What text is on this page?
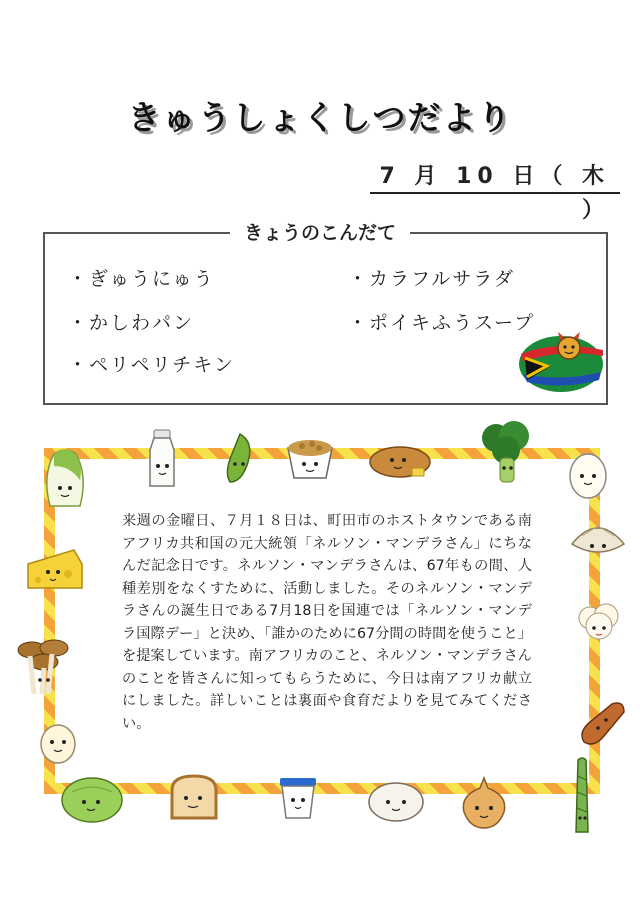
きゅうしょくしつだより
7 月 10 日（ 木 ）
きょうのこんだて
・ぎゅうにゅう
・かしわパン
・ペリペリチキン
・カラフルサラダ
・ポイキふうスープ
来週の金曜日、７月１８日は、町田市のホストタウンである南アフリカ共和国の元大統領「ネルソン・マンデラさん」にちなんだ記念日です。ネルソン・マンデラさんは、67年もの間、人種差別をなくすために、活動しました。そのネルソン・マンデラさんの誕生日である7月18日を国連では「ネルソン・マンデラ国際デー」と決め、「誰かのために67分間の時間を使うこと」を提案しています。南アフリカのこと、ネルソン・マンデラさんのことを皆さんに知ってもらうために、今日は南アフリカ献立にしました。詳しいことは裏面や食育だよりを見てみてください。
